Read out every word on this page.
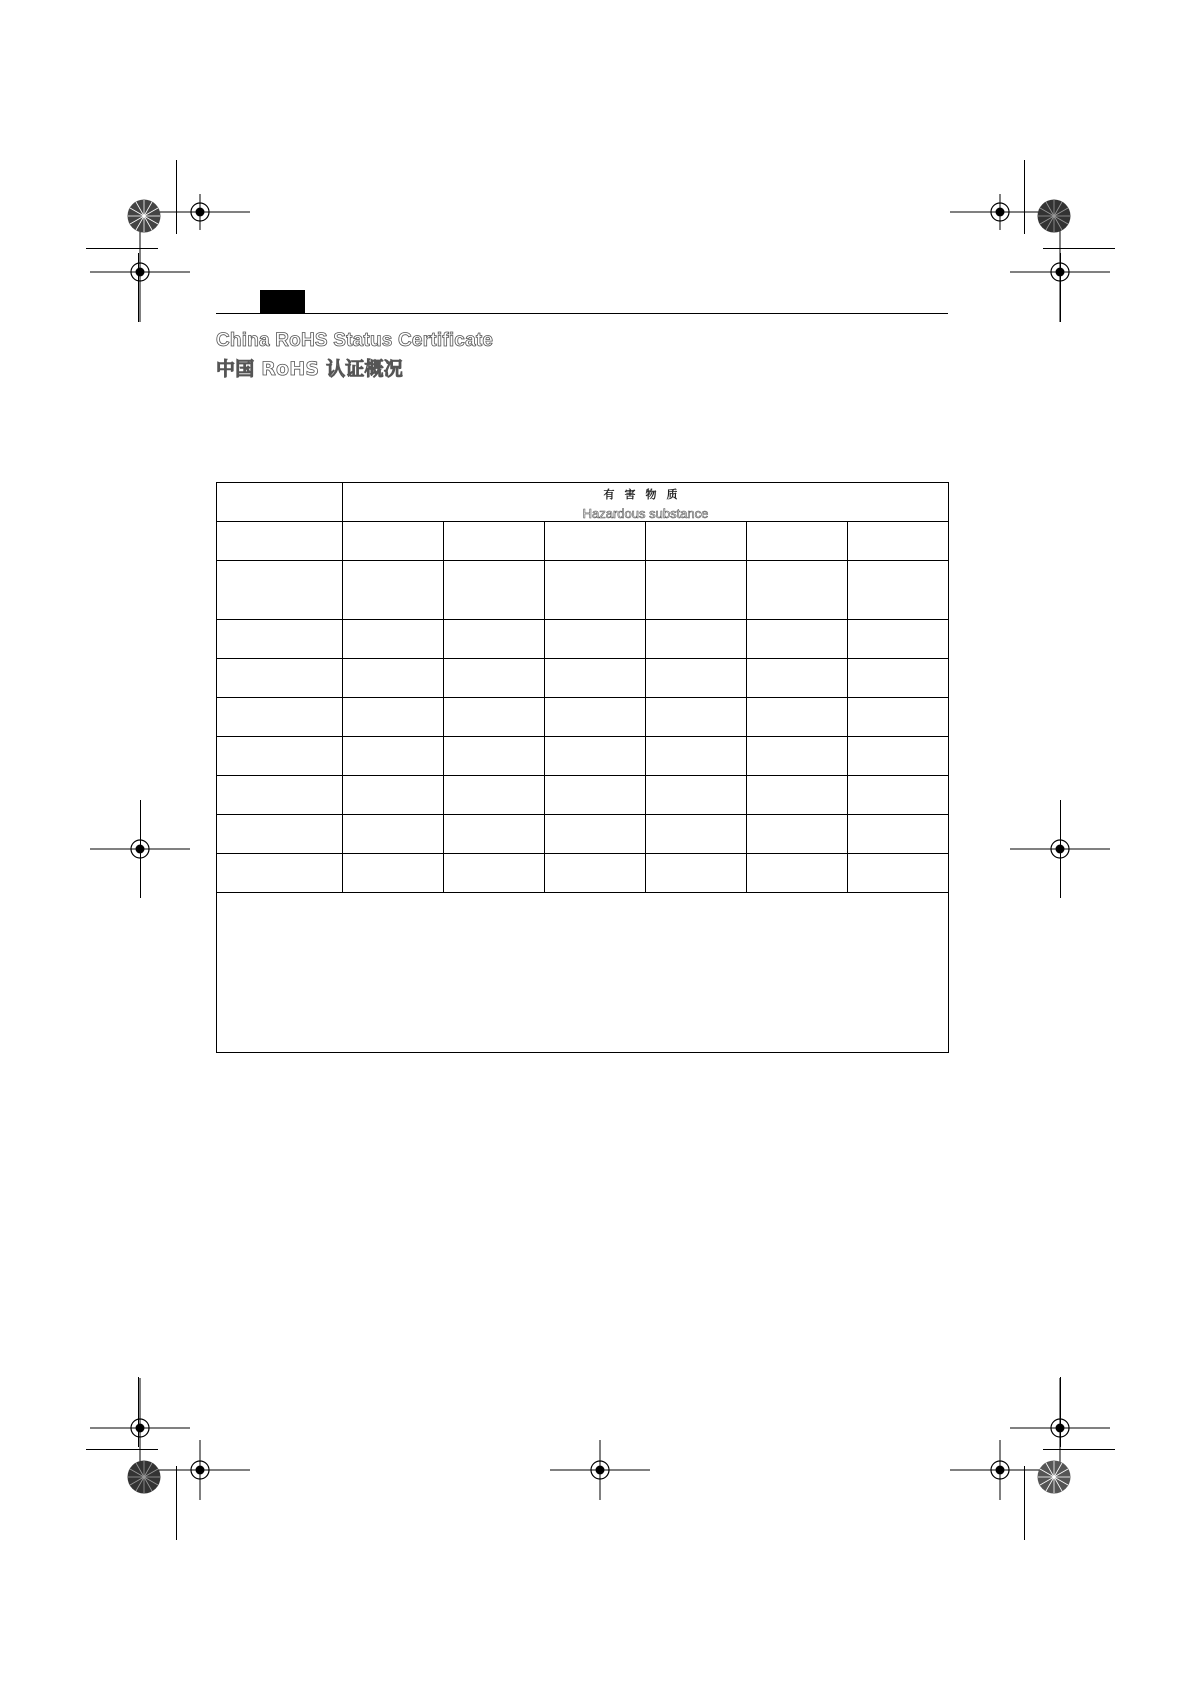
China RoHS Status Certificate
中国 RoHS 认证概况
有害物质
Hazardous substance
